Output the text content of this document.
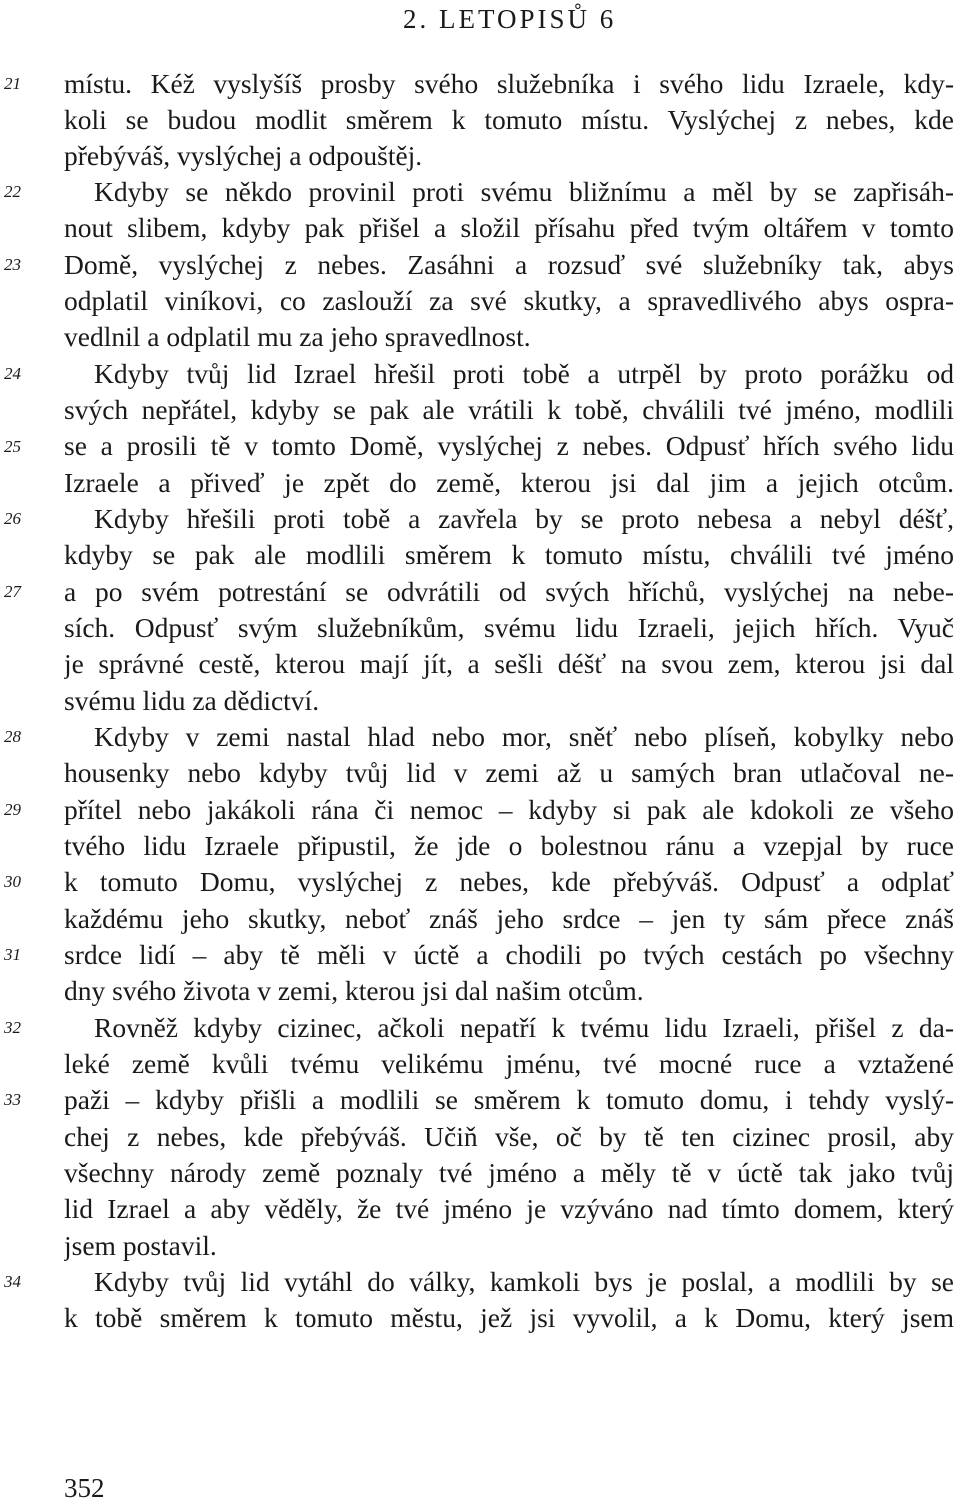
2. LETOPISŮ 6
místu. Kéž vyslyšíš prosby svého služebníka i svého lidu Izraele, kdy-
koli se budou modlit směrem k tomuto místu. Vyslýchej z nebes, kde
přebýváš, vyslýchej a odpouštěj.
Kdyby se někdo provinil proti svému bližnímu a měl by se zapřisáh-
nout slibem, kdyby pak přišel a složil přísahu před tvým oltářem v tomto
Domě, vyslýchej z nebes. Zasáhni a rozsuď své služebníky tak, abys
odplatil viníkovi, co zaslouží za své skutky, a spravedlivého abys ospra-
vedlnil a odplatil mu za jeho spravedlnost.
Kdyby tvůj lid Izrael hřešil proti tobě a utrpěl by proto porážku od
svých nepřátel, kdyby se pak ale vrátili k tobě, chválili tvé jméno, modlili
se a prosili tě v tomto Domě, vyslýchej z nebes. Odpusť hřích svého lidu
Izraele a přiveď je zpět do země, kterou jsi dal jim a jejich otcům.
Kdyby hřešili proti tobě a zavřela by se proto nebesa a nebyl déšť,
kdyby se pak ale modlili směrem k tomuto místu, chválili tvé jméno
a po svém potrestání se odvrátili od svých hříchů, vyslýchej na nebe-
sích. Odpusť svým služebníkům, svému lidu Izraeli, jejich hřích. Vyuč
je správné cestě, kterou mají jít, a sešli déšť na svou zem, kterou jsi dal
svému lidu za dědictví.
Kdyby v zemi nastal hlad nebo mor, sněť nebo plíseň, kobylky nebo
housenky nebo kdyby tvůj lid v zemi až u samých bran utlačoval ne-
přítel nebo jakákoli rána či nemoc – kdyby si pak ale kdokoli ze všeho
tvého lidu Izraele připustil, že jde o bolestnou ránu a vzepjal by ruce
k tomuto Domu, vyslýchej z nebes, kde přebýváš. Odpusť a odplať
každému jeho skutky, neboť znáš jeho srdce – jen ty sám přece znáš
srdce lidí – aby tě měli v úctě a chodili po tvých cestách po všechny
dny svého života v zemi, kterou jsi dal našim otcům.
Rovněž kdyby cizinec, ačkoli nepatří k tvému lidu Izraeli, přišel z da-
leké země kvůli tvému velikému jménu, tvé mocné ruce a vztažené
paži – kdyby přišli a modlili se směrem k tomuto domu, i tehdy vyslý-
chej z nebes, kde přebýváš. Učiň vše, oč by tě ten cizinec prosil, aby
všechny národy země poznaly tvé jméno a měly tě v úctě tak jako tvůj
lid Izrael a aby věděly, že tvé jméno je vzýváno nad tímto domem, který
jsem postavil.
Kdyby tvůj lid vytáhl do války, kamkoli bys je poslal, a modlili by se
k tobě směrem k tomuto městu, jež jsi vyvolil, a k Domu, který jsem
21
22
23
24
25
26
27
28
29
30
31
32
33
34
352
